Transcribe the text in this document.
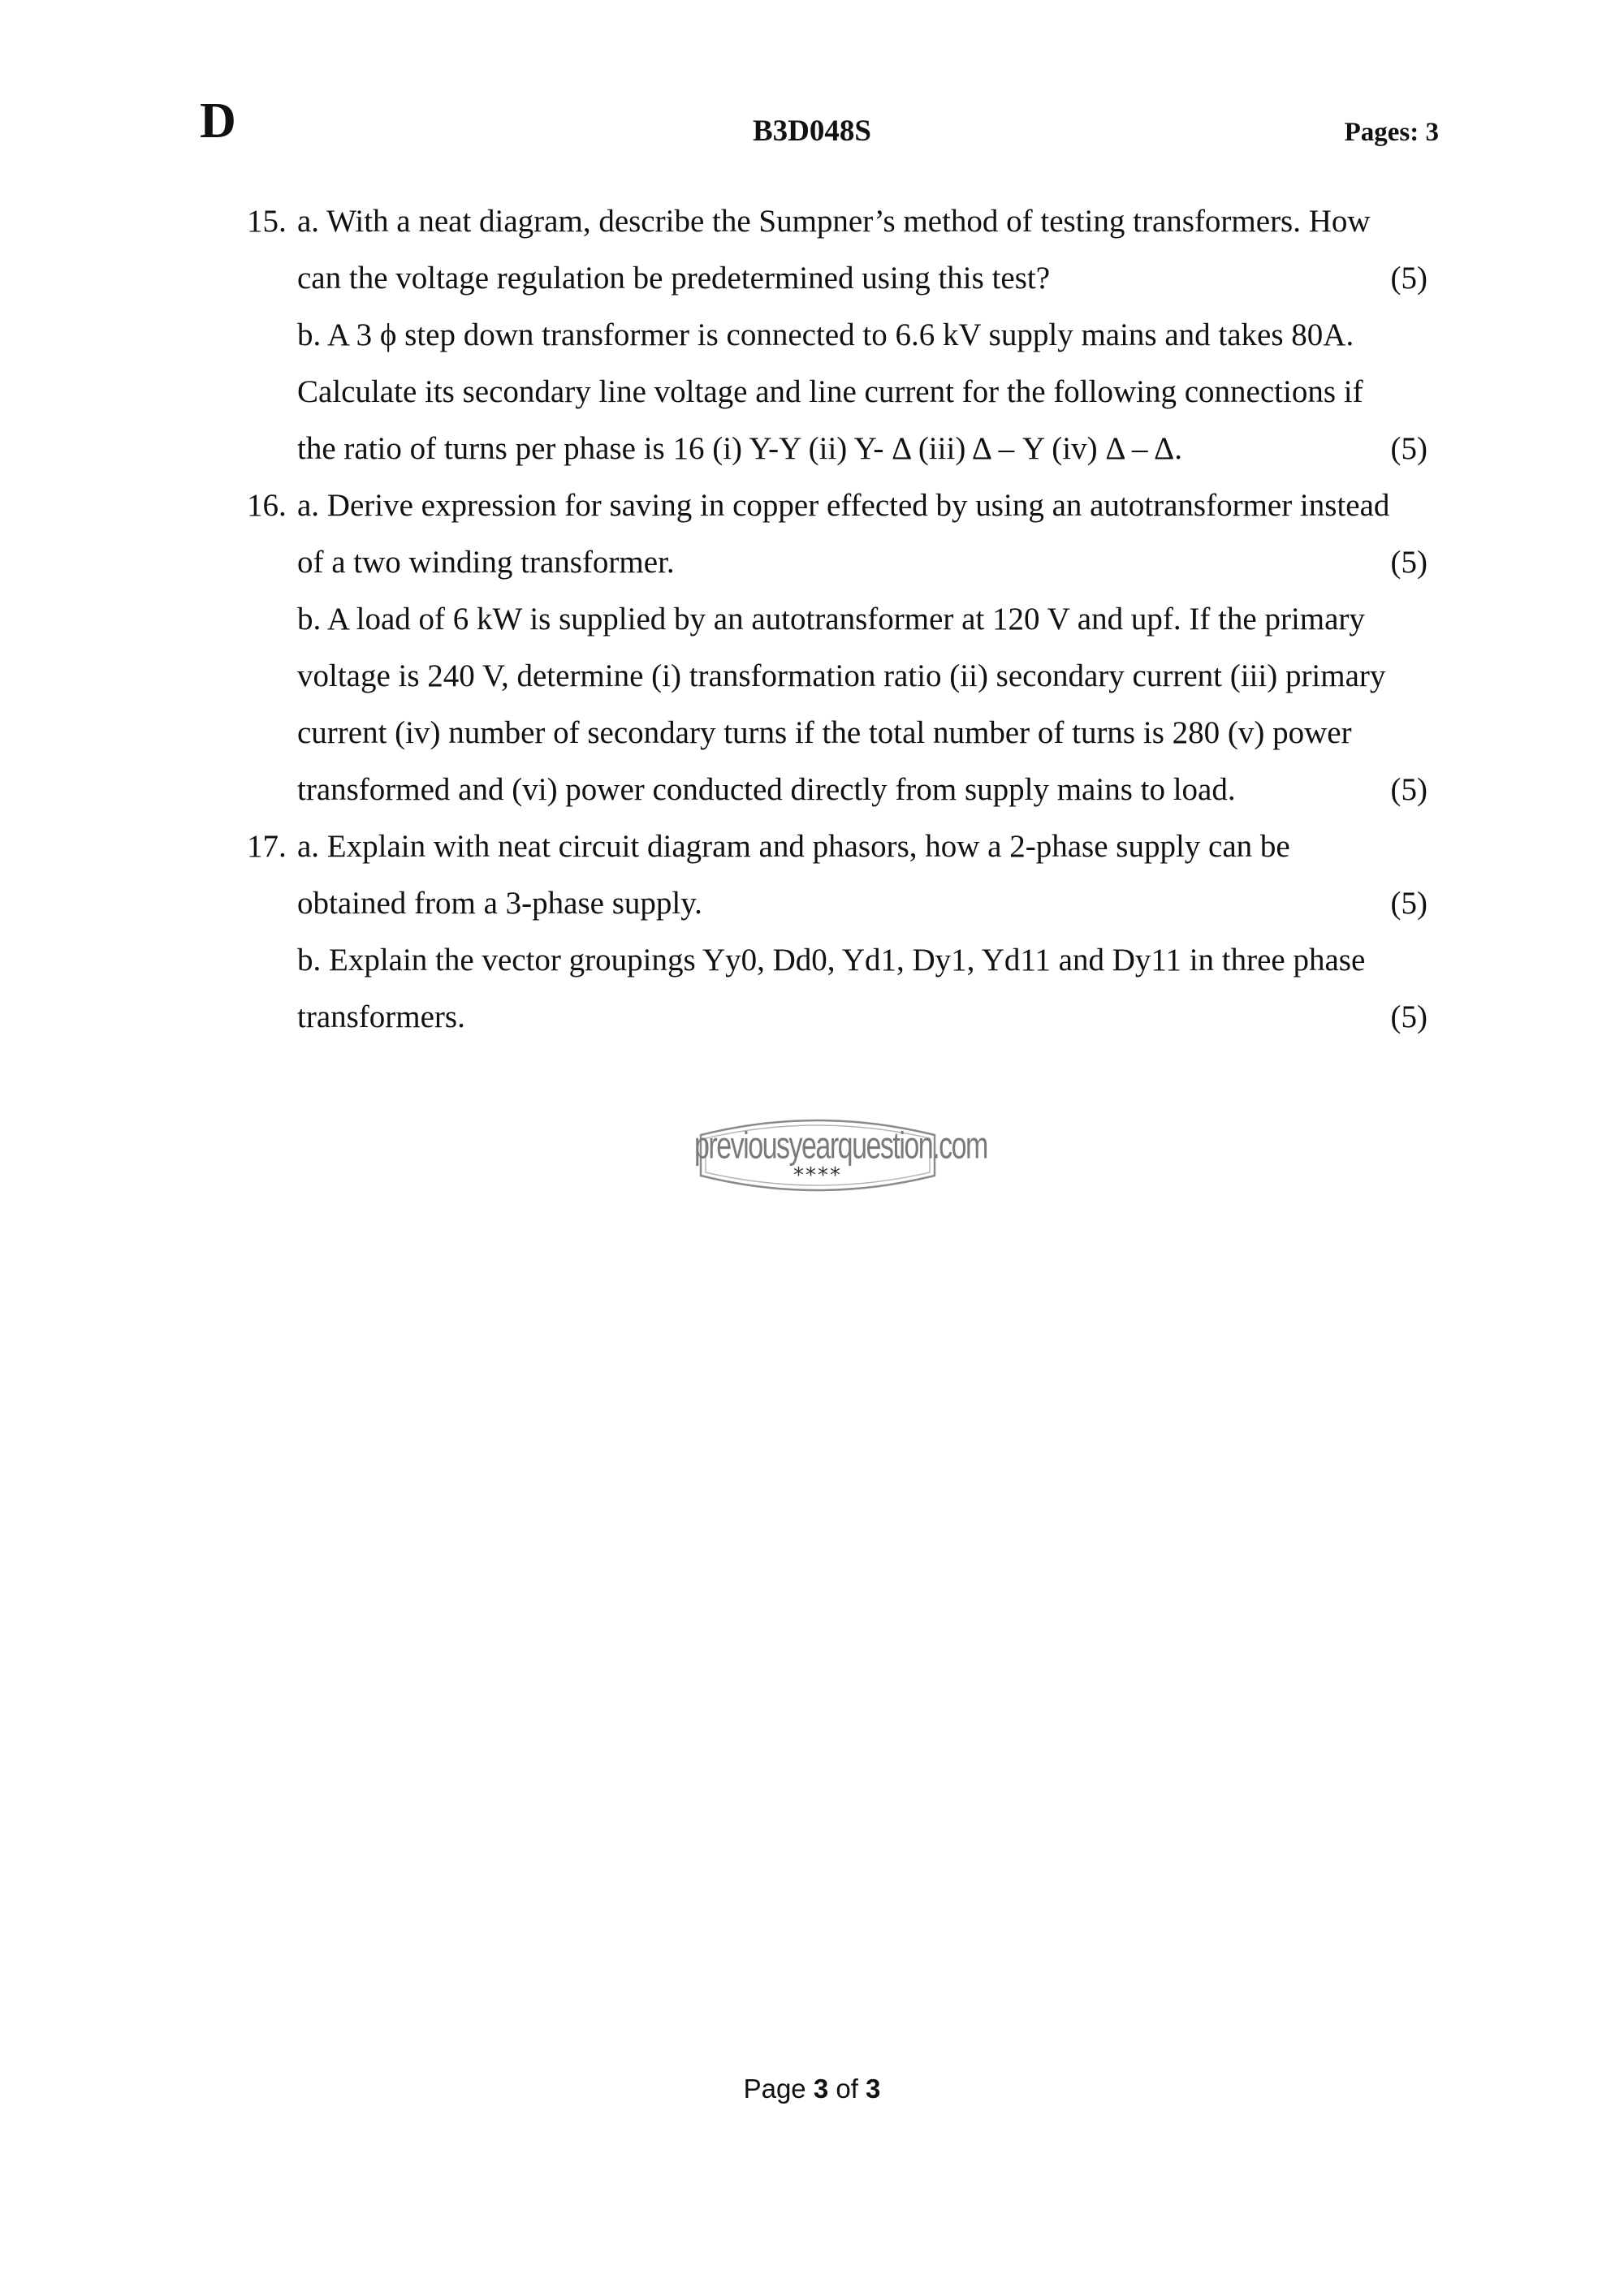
D	B3D048S	Pages: 3
15. a. With a neat diagram, describe the Sumpner’s method of testing transformers. How
can the voltage regulation be predetermined using this test?	(5)
b. A 3 ϕ step down transformer is connected to 6.6 kV supply mains and takes 80A.
Calculate its secondary line voltage and line current for the following connections if
the ratio of turns per phase is 16 (i) Y-Y (ii) Y- Δ (iii) Δ – Y (iv) Δ – Δ.	(5)
16. a. Derive expression for saving in copper effected by using an autotransformer instead
of a two winding transformer.	(5)
b. A load of 6 kW is supplied by an autotransformer at 120 V and upf. If the primary
voltage is 240 V, determine (i) transformation ratio (ii) secondary current (iii) primary
current (iv) number of secondary turns if the total number of turns is 280 (v) power
transformed and (vi) power conducted directly from supply mains to load.	(5)
17. a. Explain with neat circuit diagram and phasors, how a 2-phase supply can be
obtained from a 3-phase supply.	(5)
b. Explain the vector groupings Yy0, Dd0, Yd1, Dy1, Yd11 and Dy11 in three phase
transformers.	(5)
previousyearquestion.com
****
Page 3 of 3
